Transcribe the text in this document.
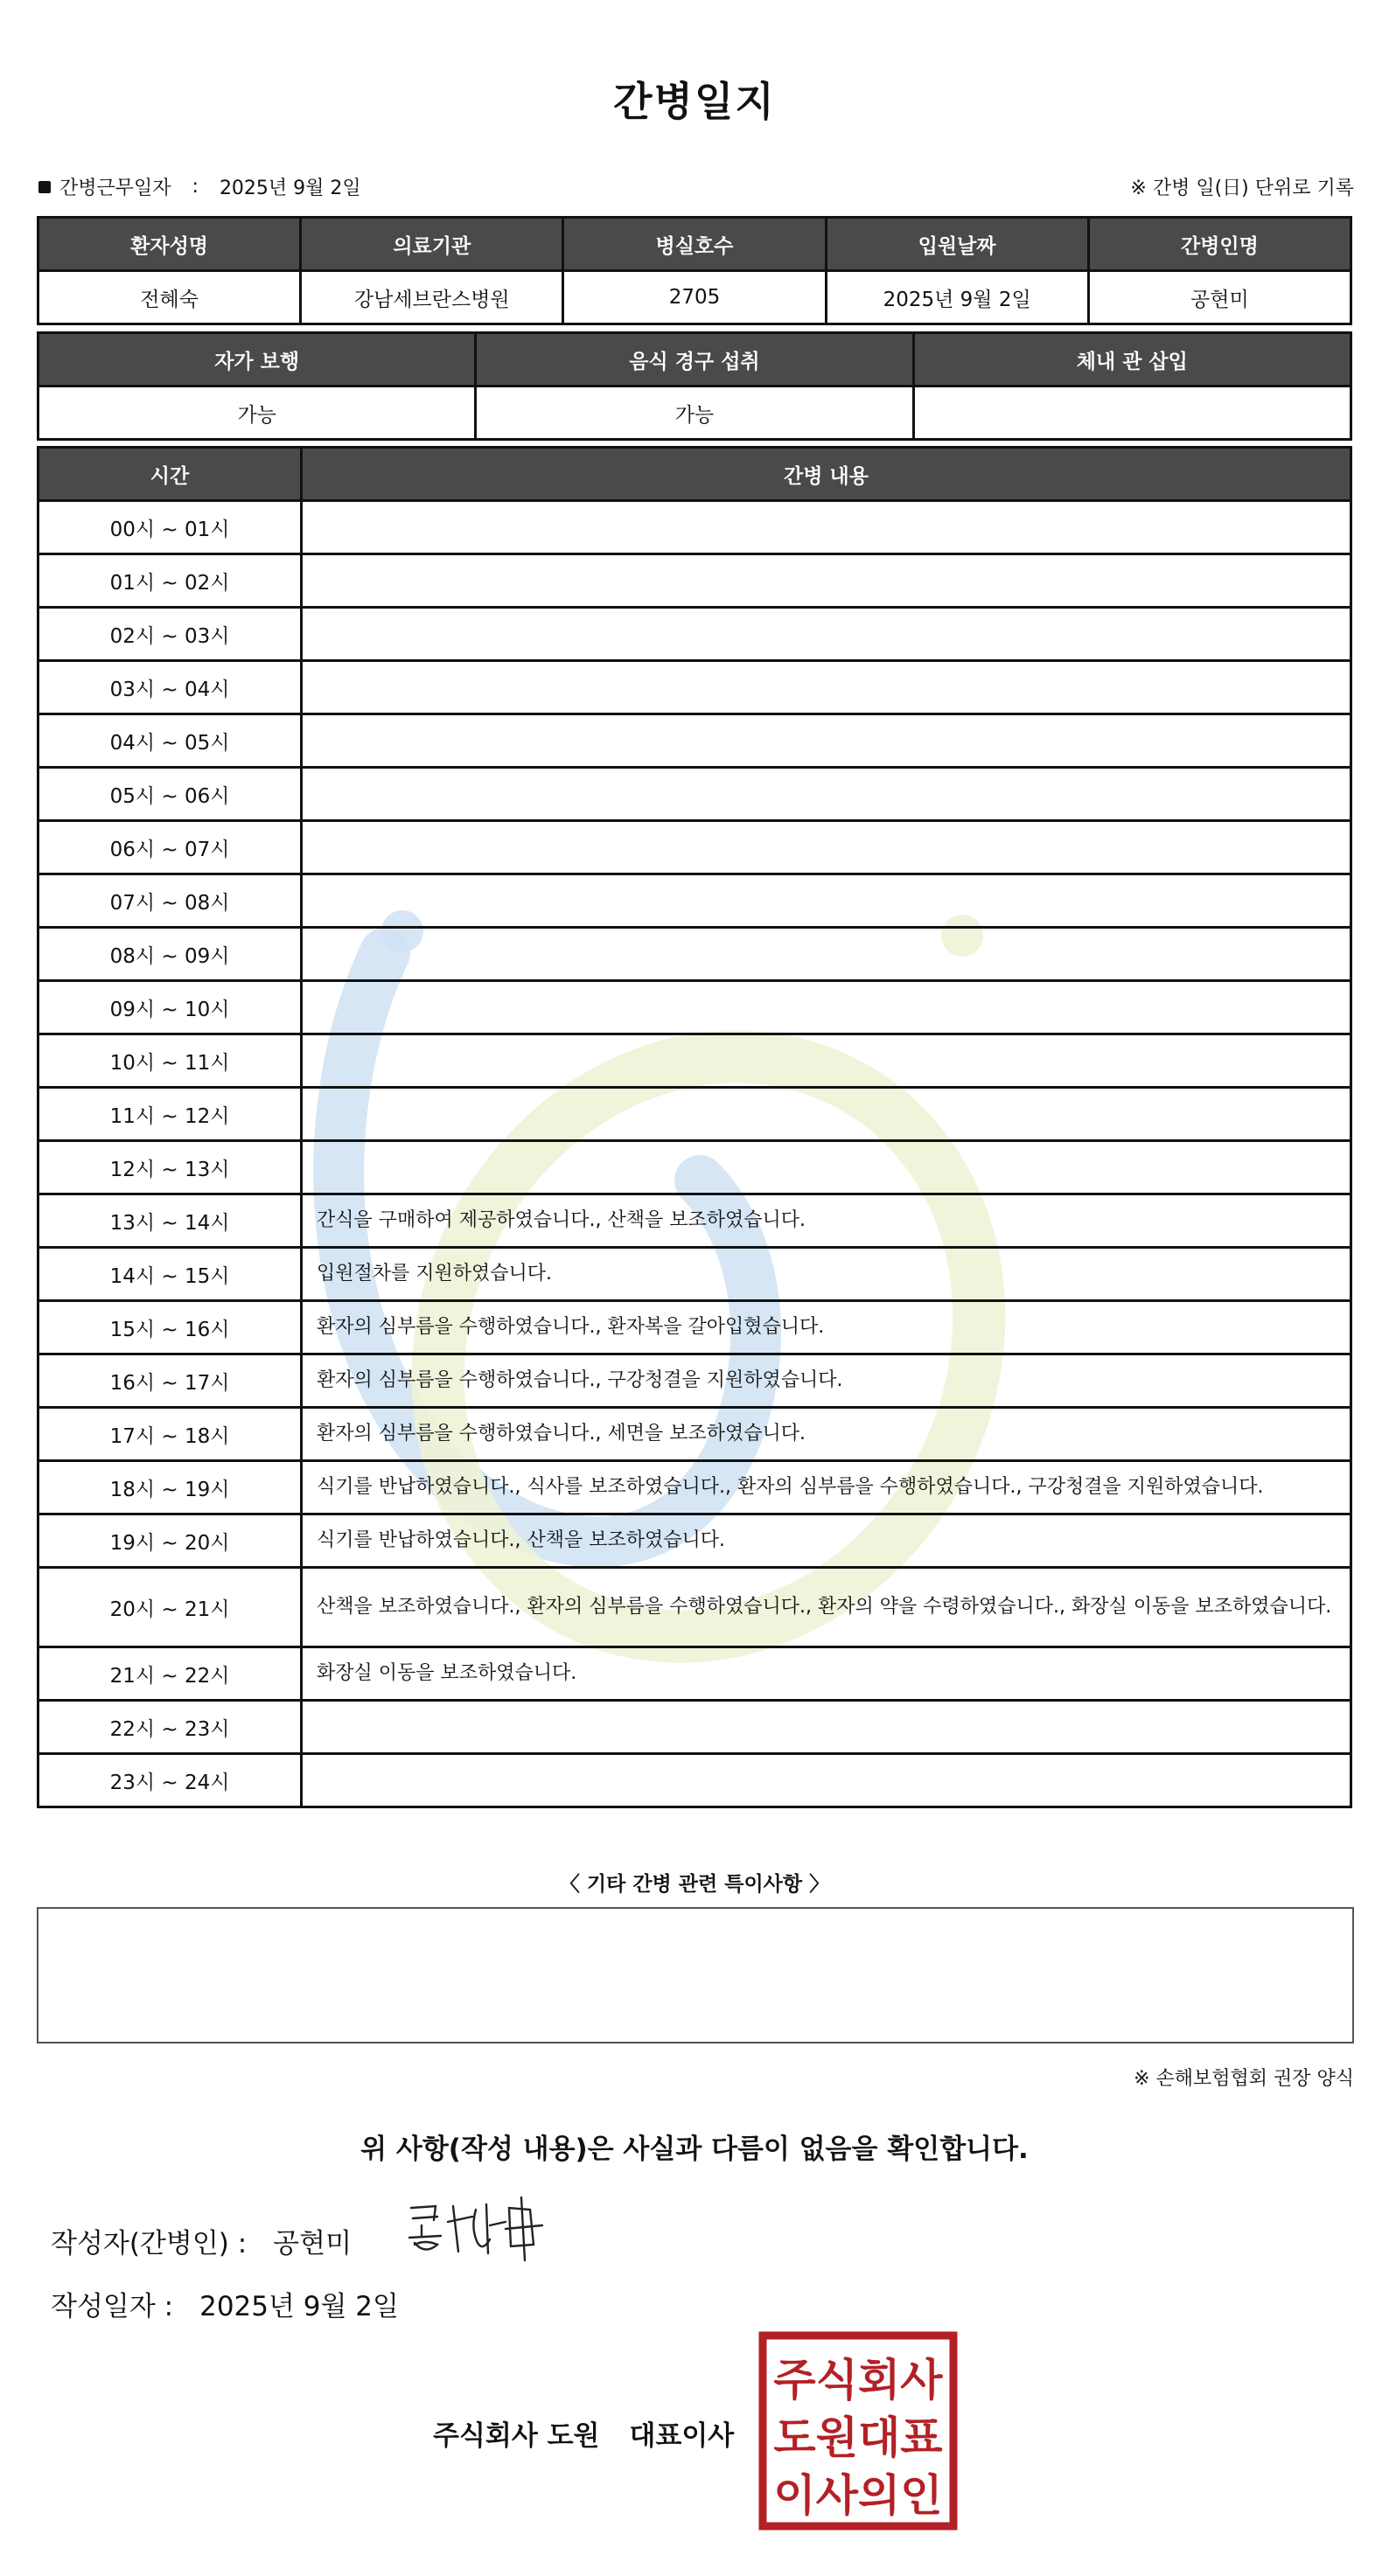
간병일지
간병근무일자 : 2025년 9월 2일	※ 간병 일(日) 단위로 기록
환자성명	의료기관	병실호수	입원날짜	간병인명
전혜숙	강남세브란스병원	2705	2025년 9월 2일	공현미
자가 보행	음식 경구 섭취	체내 관 삽입
가능	가능	
시간	간병 내용
00시 ~ 01시	
01시 ~ 02시	
02시 ~ 03시	
03시 ~ 04시	
04시 ~ 05시	
05시 ~ 06시	
06시 ~ 07시	
07시 ~ 08시	
08시 ~ 09시	
09시 ~ 10시	
10시 ~ 11시	
11시 ~ 12시	
12시 ~ 13시	
13시 ~ 14시	간식을 구매하여 제공하였습니다., 산책을 보조하였습니다.
14시 ~ 15시	입원절차를 지원하였습니다.
15시 ~ 16시	환자의 심부름을 수행하였습니다., 환자복을 갈아입혔습니다.
16시 ~ 17시	환자의 심부름을 수행하였습니다., 구강청결을 지원하였습니다.
17시 ~ 18시	환자의 심부름을 수행하였습니다., 세면을 보조하였습니다.
18시 ~ 19시	식기를 반납하였습니다., 식사를 보조하였습니다., 환자의 심부름을 수행하였습니다., 구강청결을 지원하였습니다.
19시 ~ 20시	식기를 반납하였습니다., 산책을 보조하였습니다.
20시 ~ 21시	산책을 보조하였습니다., 환자의 심부름을 수행하였습니다., 환자의 약을 수령하였습니다., 화장실 이동을 보조하였습니다.
21시 ~ 22시	화장실 이동을 보조하였습니다.
22시 ~ 23시	
23시 ~ 24시	
〈 기타 간병 관련 특이사항 〉
※ 손해보험협회 권장 양식
위 사항(작성 내용)은 사실과 다름이 없음을 확인합니다.
작성자(간병인) : 공현미
작성일자 : 2025년 9월 2일
주식회사 도원 대표이사
주식회사
도원대표
이사의인
